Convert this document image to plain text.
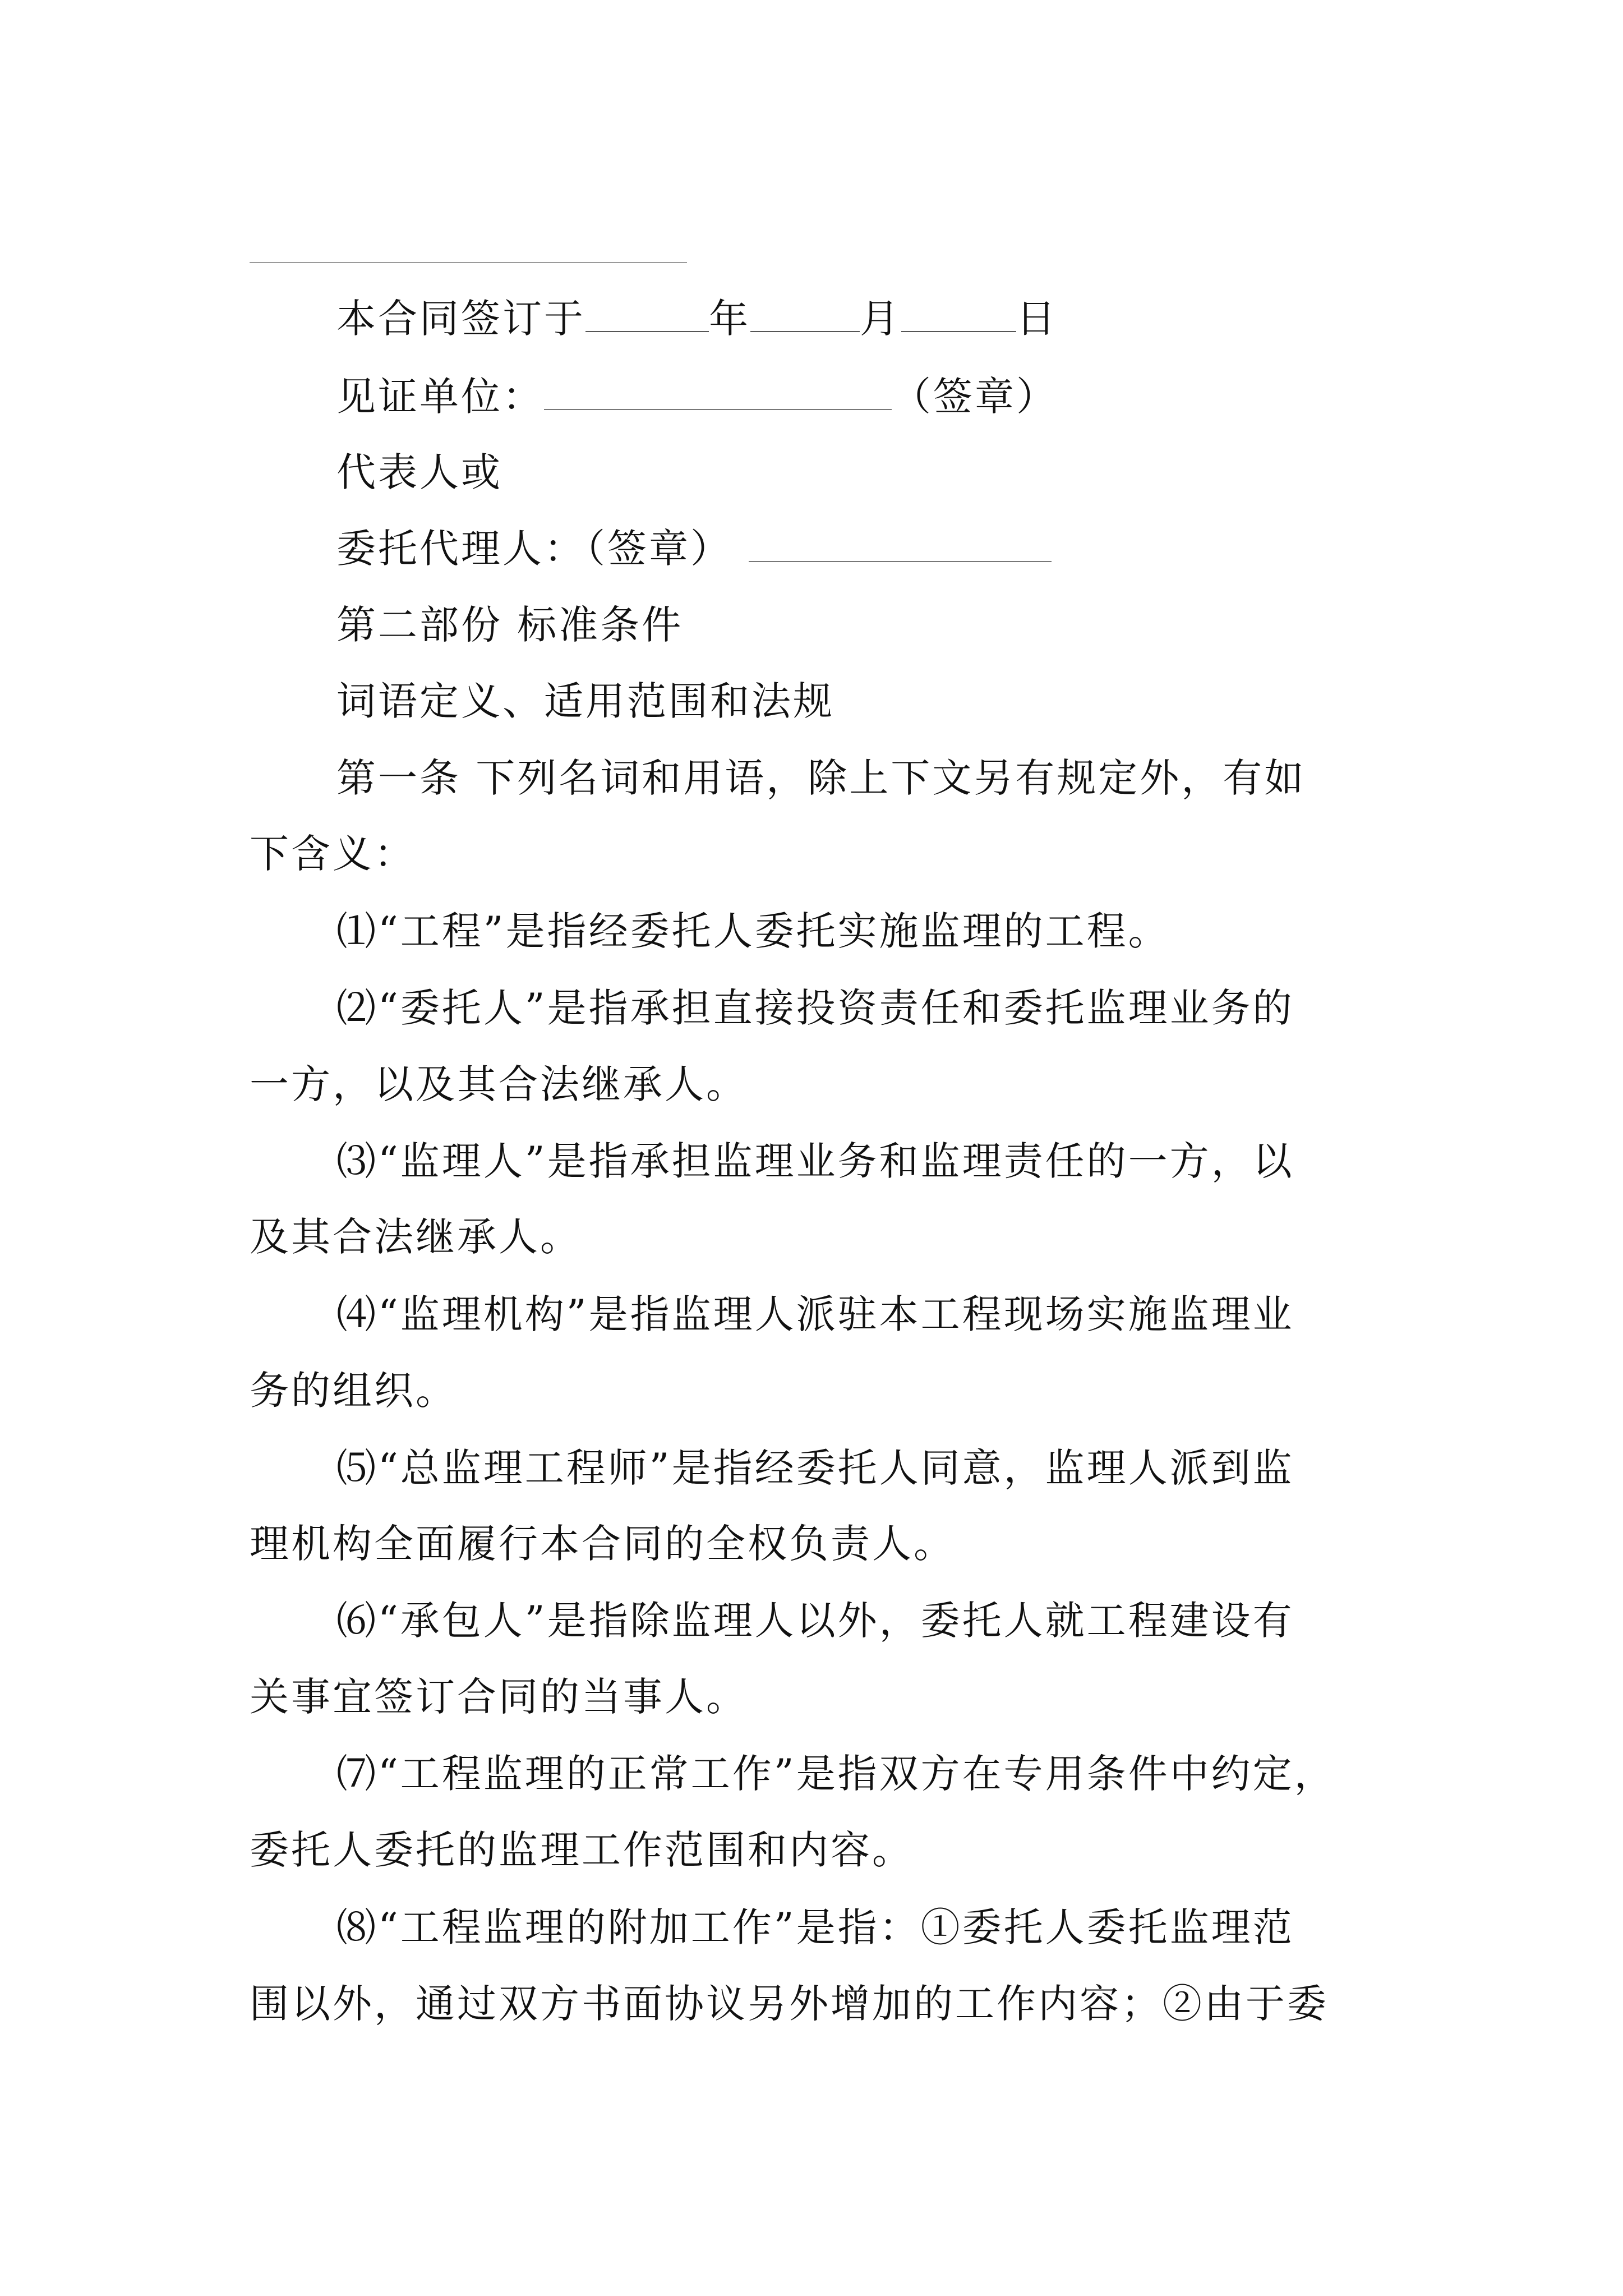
本合同签订于	年	月	日
见证单位：	（签章）
代表人或
委托代理人：（签章）
第二部份 标准条件
词语定义、适用范围和法规
第一条 下列名词和用语，除上下文另有规定外，有如
下含义：
⑴“工程”是指经委托人委托实施监理的工程。
⑵“委托人”是指承担直接投资责任和委托监理业务的
一方，以及其合法继承人。
⑶“监理人”是指承担监理业务和监理责任的一方，以
及其合法继承人。
⑷“监理机构”是指监理人派驻本工程现场实施监理业
务的组织。
⑸“总监理工程师”是指经委托人同意，监理人派到监
理机构全面履行本合同的全权负责人。
⑹“承包人”是指除监理人以外，委托人就工程建设有
关事宜签订合同的当事人。
⑺“工程监理的正常工作”是指双方在专用条件中约定，
委托人委托的监理工作范围和内容。
⑻“工程监理的附加工作”是指：①委托人委托监理范
围以外，通过双方书面协议另外增加的工作内容；②由于委
